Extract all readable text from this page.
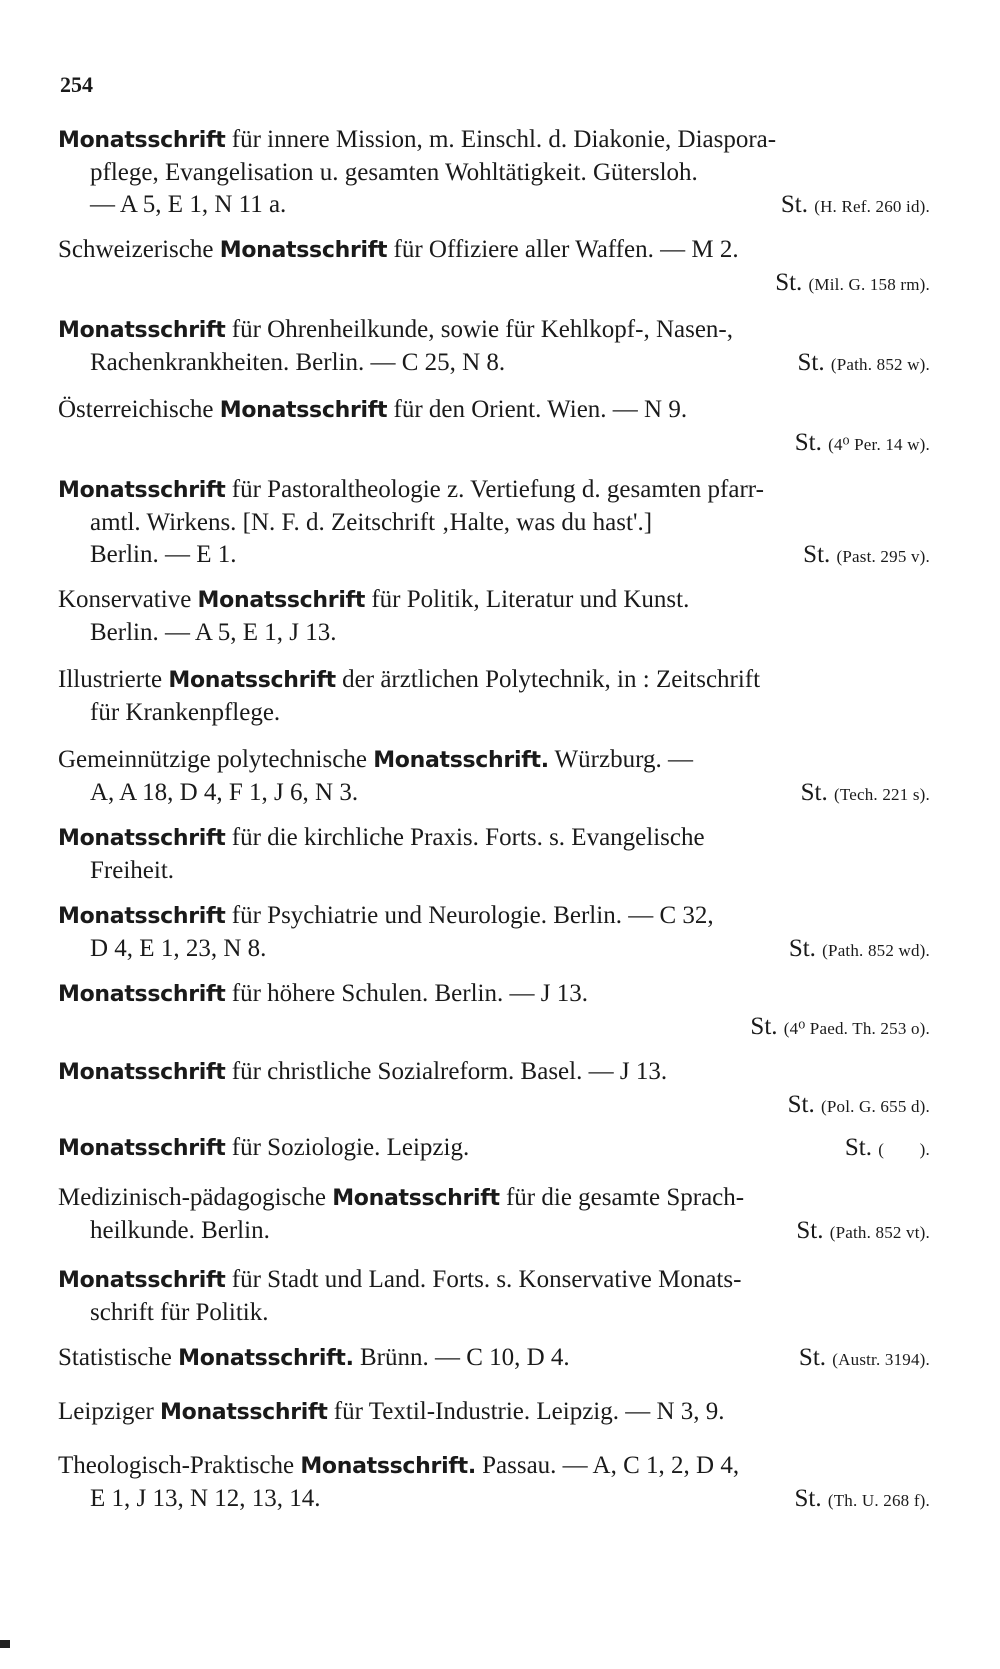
254
Monatsschrift für innere Mission, m. Einschl. d. Diakonie, Diaspora-
pflege, Evangelisation u. gesamten Wohltätigkeit. Gütersloh.
— A 5, E 1, N 11 a.	St. (H. Ref. 260 id).
Schweizerische Monatsschrift für Offiziere aller Waffen. — M 2.
St. (Mil. G. 158 rm).
Monatsschrift für Ohrenheilkunde, sowie für Kehlkopf-, Nasen-,
Rachenkrankheiten. Berlin. — C 25, N 8.	St. (Path. 852 w).
Österreichische Monatsschrift für den Orient. Wien. — N 9.
St. (4⁰ Per. 14 w).
Monatsschrift für Pastoraltheologie z. Vertiefung d. gesamten pfarr-
amtl. Wirkens. [N. F. d. Zeitschrift ‚Halte, was du hast'.]
Berlin. — E 1.	St. (Past. 295 v).
Konservative Monatsschrift für Politik, Literatur und Kunst.
Berlin. — A 5, E 1, J 13.
Illustrierte Monatsschrift der ärztlichen Polytechnik, in : Zeitschrift
für Krankenpflege.
Gemeinnützige polytechnische Monatsschrift. Würzburg. —
A, A 18, D 4, F 1, J 6, N 3.	St. (Tech. 221 s).
Monatsschrift für die kirchliche Praxis. Forts. s. Evangelische
Freiheit.
Monatsschrift für Psychiatrie und Neurologie. Berlin. — C 32,
D 4, E 1, 23, N 8.	St. (Path. 852 wd).
Monatsschrift für höhere Schulen. Berlin. — J 13.
St. (4⁰ Paed. Th. 253 o).
Monatsschrift für christliche Sozialreform. Basel. — J 13.
St. (Pol. G. 655 d).
Monatsschrift für Soziologie. Leipzig.	St. (        ).
Medizinisch-pädagogische Monatsschrift für die gesamte Sprach-
heilkunde. Berlin.	St. (Path. 852 vt).
Monatsschrift für Stadt und Land. Forts. s. Konservative Monats-
schrift für Politik.
Statistische Monatsschrift. Brünn. — C 10, D 4.	St. (Austr. 3194).
Leipziger Monatsschrift für Textil-Industrie. Leipzig. — N 3, 9.
Theologisch-Praktische Monatsschrift. Passau. — A, C 1, 2, D 4,
E 1, J 13, N 12, 13, 14.	St. (Th. U. 268 f).
